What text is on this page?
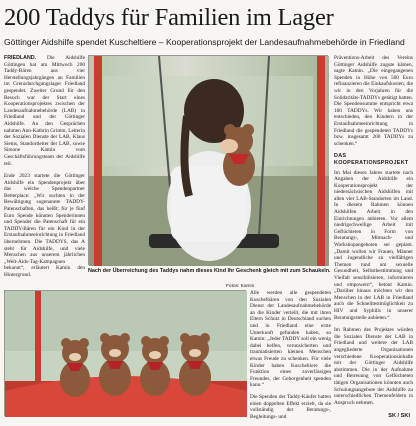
200 Taddys für Familien im Lager
Göttinger Aidshilfe spendet Kuscheltiere – Kooperationsprojekt der Landesaufnahmebehörde in Friedland

FRIEDLAND. Die Aidshilfe Göttingen hat am Mittwoch 200 Taddy-Bären aus vier Herstellungsjahrgängen an Familien im Grenzdurchgangslager Friedland gespendet. Zweiter Grund für den Besuch war der Start eines Kooperationsprojektes zwischen der Landesaufnahmebehörde (LAB) in Friedland und der Göttinger Aidshilfe. An den Gesprächen nahmen Ann-Kathrin Grimm, Leiterin der Sozialen Dienste der LAB, Klaus Siems, Standortleiter der LAB, sowie Simone Kamin vom Geschäftsführungsteam der Aidshilfe teil.

Ende 2023 startete die Göttinger Aidshilfe ein Spendenprojekt über das welche Spendenpartner Betterplace: „Wir suchten in der Bewältigung sogenannte TADDY-Patenschaften, das heißt: für je fünf Euro Spende könnten Spenderinnen und Spender die Patenschaft für ein TADDY-Bären für ein Kind in der Erstaufnahmeeinrichtung in Friedland übernehmen. Die TADDYS, das A steht für Aidshilfe, und viele Menschen aus unserem jährlichen „Welt-Aids-Tag-Kampagnen bekannt“, erläutert Kamin den Hintergrund.

Nach der Überreichung des Taddys nahm dieses Kind Ihr Geschenk gleich mit zum Schaukeln.

Präventions-Arbeit des Vereins Göttinger Aidshilfe zugute kämen, sagte Kamin. „Die eingegangenen Spenden in Höhe von 500 Euro refinanzieren die Einkaufskosten, die wir in den Vorjahren für die Solidaritäts-TADDYs getätigt hatten. Die Spendensumme entspricht etwa 100 TADDYs. Wir haben uns entschieden, den Kindern in der Erstaufnahmeeinrichtung in Friedland die gespendeten TADDYs bzw. insgesamt 200 TADDYs zu schenken.“

DAS KOOPERATIONSPROJEKT

Im Mai dieses Jahres startete nach Angaben der Aidshilfe ein Kooperationsprojekt der niedersächsischen Aidshilfen mit allen vier LAB-Standorten im Land. In diesem Rahmen können Aidshilfen Arbeit in den Einrichtungen anbieten. Vor allem niedrigschwellige Arbeit mit Geflüchteten in Form von Beratungs-, Mitmach- und Workshopangeboten sei geplant. „Damit wollen wir Frauen, Männer und Jugendliche zu vielfältigen Themen rund um sexuelle Gesundheit, Selbstbestimmung und Vielfalt sensibilisieren, informieren und empowern“, betont Kamin. „Darüber hinaus möchten wir den Menschen in der LAB in Friedland auch die Schnelltestmöglichkeit zu HIV und Syphilis in unserer Beratungsstelle anbieten.“

Im Rahmen des Projektes würden die Sozialen Dienste der LAB in Friedland und weitere der LAB angegliederte Organisationen verschiedene Kooperationsinhalte mit der Göttinger Aidshilfe abstimmen. Die in der Aufnahme und Betreuung von Geflüchteten tätigen Organisationen könnten auch Schulungsangebote der Aidshilfe zu unterschiedlichen Themenfeldern in Anspruch nehmen.

Fotos: Kamin

Alle werden alle gespendeten Kuschelbären von den Sozialen Dienst der Landesaufnahmebehörde an die Kinder verteilt, die mit ihren Eltern Schutz in Deutschland suchen und in Friedland eine erste Unterkunft gefunden haben, so Kamin: „Jeder TADDY soll ein wenig dabei helfen, verunsicherten und traumatisierten kleinen Menschen etwas Freude zu schenken. Für viele Kinder haben Kuscheltiere die Funktion eines zuverlässigen Freundes, der Geborgenheit spenden kann.“

Die Spenden der Taddy-Käufer hatten einen doppelten Effekt erzielt, da sie vollständig der Beratungs-, Begleitungs- und	SK / SKI
